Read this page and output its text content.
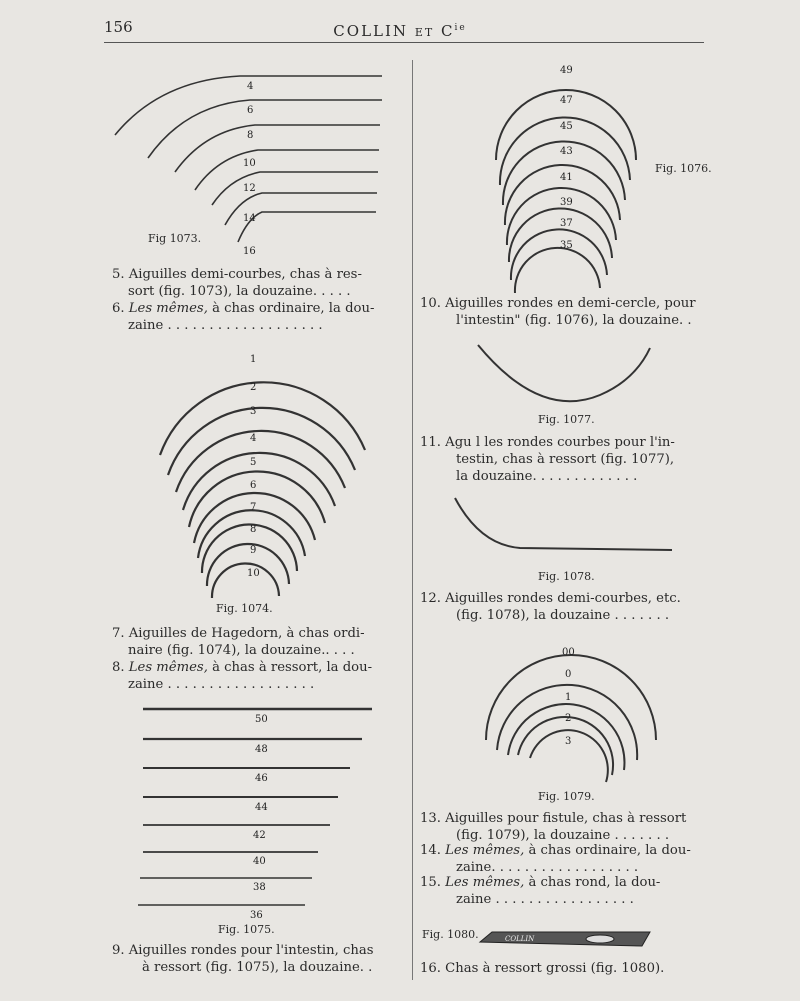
156	COLLIN ET $C^{ie}$
4
6
8
10
12
14
16
1
2
3
4
5
6
7
8
9
10
50
48
46
44
42
40
38
36
49
47
45
43
41
39
37
35
00
0
1
2
3
COLLIN
Fig 1073.
Fig. 1074.
Fig. 1075.
Fig. 1076.
Fig. 1077.
Fig. 1078.
Fig. 1079.
Fig. 1080.
5. Aiguilles demi-courbes, chas à res-
sort (fig. 1073), la douzaine. . . . .
6. Les mêmes, à chas ordinaire, la dou-
zaine . . . . . . . . . . . . . . . . . . .
7. Aiguilles de Hagedorn, à chas ordi-
naire (fig. 1074), la douzaine.. . . .
8. Les mêmes, à chas à ressort, la dou-
zaine . . . . . . . . . . . . . . . . . .
9. Aiguilles rondes pour l'intestin, chas
à ressort (fig. 1075), la douzaine. .
10. Aiguilles rondes en demi-cercle, pour
l'intestin" (fig. 1076), la douzaine. .
11. Agu l les rondes courbes pour l'in-
testin, chas à ressort (fig. 1077),
la douzaine. . . . . . . . . . . . .
12. Aiguilles rondes demi-courbes, etc.
(fig. 1078), la douzaine . . . . . . .
13. Aiguilles pour fistule, chas à ressort
(fig. 1079), la douzaine . . . . . . .
14. Les mêmes, à chas ordinaire, la dou-
zaine. . . . . . . . . . . . . . . . . .
15. Les mêmes, à chas rond, la dou-
zaine . . . . . . . . . . . . . . . . .
16. Chas à ressort grossi (fig. 1080).
